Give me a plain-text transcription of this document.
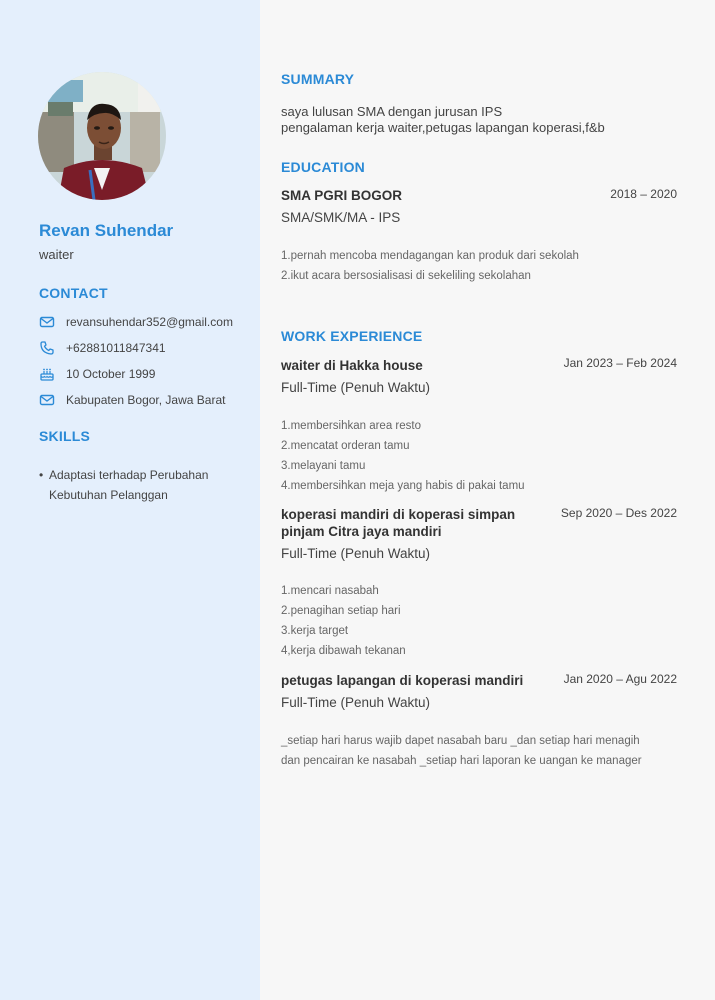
Revan Suhendar
waiter
CONTACT
revansuhendar352@gmail.com
+62881011847341
10 October 1999
Kabupaten Bogor, Jawa Barat
SKILLS
• Adaptasi terhadap Perubahan Kebutuhan Pelanggan
SUMMARY
saya lulusan SMA dengan jurusan IPS
pengalaman kerja waiter,petugas lapangan koperasi,f&b
EDUCATION
SMA PGRI BOGOR	2018 – 2020
SMA/SMK/MA - IPS
1.pernah mencoba mendagangan kan produk dari sekolah
2.ikut acara bersosialisasi di sekeliling sekolahan
WORK EXPERIENCE
waiter di Hakka house	Jan 2023 – Feb 2024
Full-Time (Penuh Waktu)
1.membersihkan area resto
2.mencatat orderan tamu
3.melayani tamu
4.membersihkan meja yang habis di pakai tamu
koperasi mandiri di koperasi simpan
pinjam Citra jaya mandiri
Sep 2020 – Des 2022
Full-Time (Penuh Waktu)
1.mencari nasabah
2.penagihan setiap hari
3.kerja target
4,kerja dibawah tekanan
petugas lapangan di koperasi mandiri	Jan 2020 – Agu 2022
Full-Time (Penuh Waktu)
_setiap hari harus wajib dapet nasabah baru _dan setiap hari menagih
dan pencairan ke nasabah _setiap hari laporan ke uangan ke manager
